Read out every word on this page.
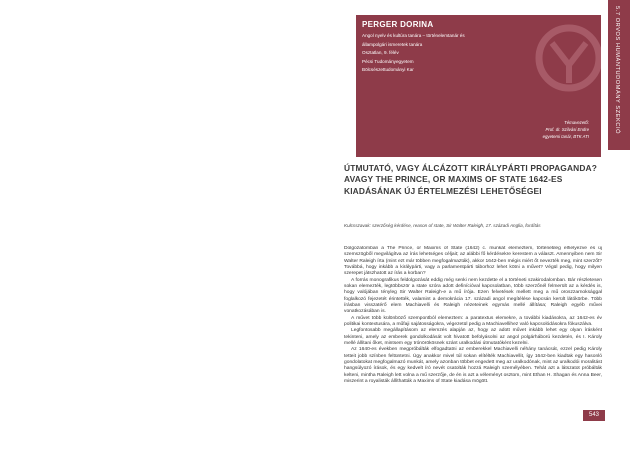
5.7 ORVOS HUMÁNTUDOMÁNY SZEKCIÓ
PERGER DORINA
Angol nyelv és kultúra tanára – történelemtanár és
állampolgári ismeretek tanára
Osztatlan, 9. félév
Pécsi Tudományegyetem
Bölcsészettudományi Kar
Témavezető:
Prof. dr. Szilvási Endre
egyetemi tanár, BTK ATI
ÚTMUTATÓ, VAGY ÁLCÁZOTT KIRÁLYPÁRTI PROPAGANDA? AVAGY THE PRINCE, OR MAXIMS OF STATE 1642-ES KIADÁSÁNAK ÚJ ÉRTELMEZÉSI LEHETŐSÉGEI
Kulcsszavak: szerzőség kérdése, reason of state, Sir Walter Raleigh, 17. századi Anglia, fordítás

Dolgozatomban a The Prince, or Maxims of State (1642) c. munkát elemeztem, történetileg elhelyezve és új szemszögből megvilágítva az írás lehetséges céljait; az alábbi fő kérdésekre kerestem a választ. Amennyiben nem Sir Walter Raleigh írta (mint ezt már többen megfogalmazták), akkor 1642-ben mégis miért őt nevezték meg, mint szerzőt? Továbbá, hogy inkább a királypárti, vagy a parlamentpárti táborhoz lehet kötni a művet? Végül pedig, hogy milyen szerepet játszhatott az írás a korban?

A forrás monografikus feldolgozását eddig még senki nem kezdette el a történeti szakirodalomban. Bár részletesen sokan elemezték, legtöbbször a state szóra adott definícióval kapcsolatban, több szerzőnél felmerült az a kérdés is, hogy valójában tényleg Sir Walter Raleigh-e a mű írója. Ezen felvetések mellett meg a mű oroszzarnoksággal foglalkozó fejezetét érintették, valamint a demokrácia 17. századi angol megítélése kapcsán került látókörbe. Több írásban visszatérő elem Machiavelli és Raleigh nézeteinek egymás mellé állítása; Raleigh egyéb művei vonatkozásában is.

A művet több különböző szempontból elemeztem: a paratextus elemekre, a további kiadásokra, az 1642-es év politikai kontextusára, a műfaji sajátosságokra, végezetül pedig a Machiavellihez való kapcsolódásokra fókuszálva.

Legfontosabb megállapításom az elemzés alapján az, hogy az adott művet inkább lehet egy olyan írásként tekinteni, amely az emberek gondolkodását volt hivatott befolyásolni az angol polgárháború kezdetén, és I. Károly mellé állítani őket, mintsem egy trónörökösnek szánt uralkodási útmutatóként kezelni.

Az 1640-es években megpróbálták elfogadtatni az emberekkel Machiavelli néhány tanácsát, ezzel pedig Károly tetteit jobb színben feltüntetni. Úgy anakkor mivel túl sokan elítélték Machiavellit, így 1642-ben kiadtak egy hasonló gondolatokat megfogalmazó munkát, amely azonban többet engedett meg az uralkodónak, mint az uralkodói moralitást hangsúlyozó írások, és egy kedvelt író nevét csatolták hozzá Raleigh személyében. Tehát azt a látszatot próbálták kelteni, mintha Raleigh lett volna a mű szerzője, de én is azt a véleményt osztom, mint Ethan H. Shagan és Anna Beer, miszerint a royalisták állíthatták a Maxims of State kiadása mögött.

543
